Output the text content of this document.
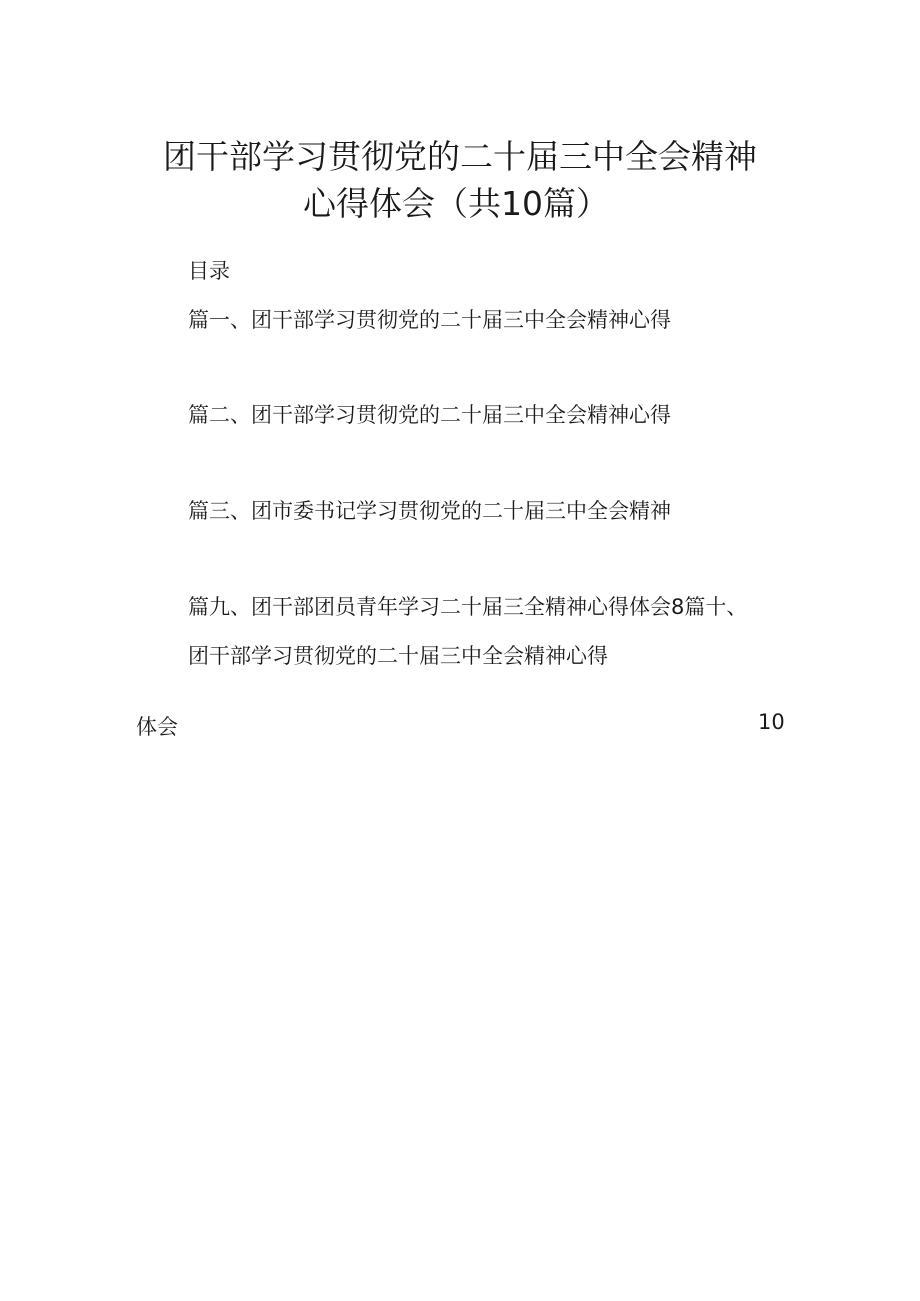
团干部学习贯彻党的二十届三中全会精神
心得体会（共10篇）
目录
篇一、团干部学习贯彻党的二十届三中全会精神心得
篇二、团干部学习贯彻党的二十届三中全会精神心得
篇三、团市委书记学习贯彻党的二十届三中全会精神
篇九、团干部团员青年学习二十届三全精神心得体会8篇十、
团干部学习贯彻党的二十届三中全会精神心得
体会	10
